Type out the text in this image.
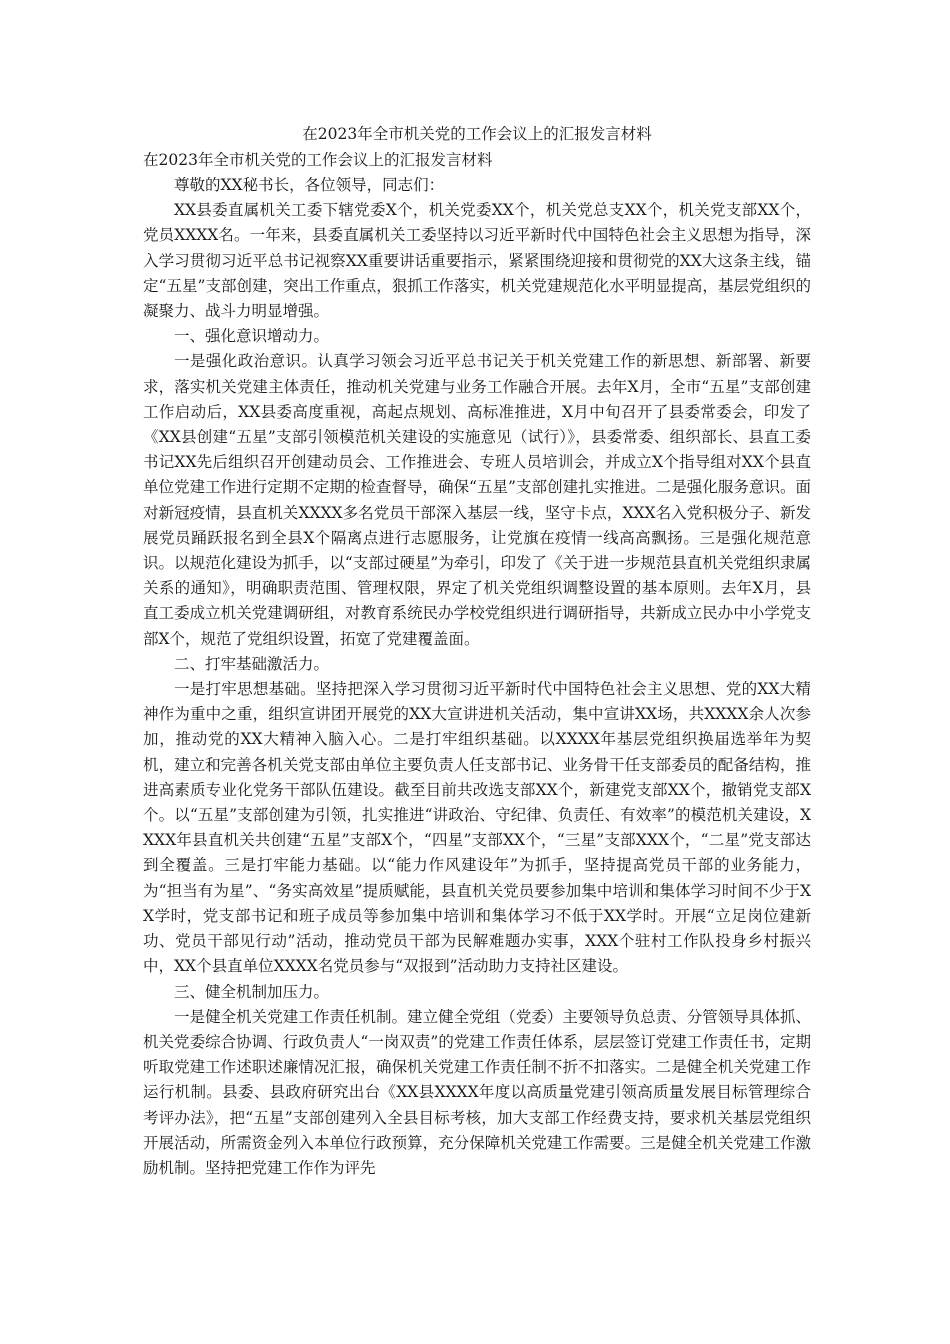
在2023年全市机关党的工作会议上的汇报发言材料
在2023年全市机关党的工作会议上的汇报发言材料

尊敬的XX秘书长，各位领导，同志们：

XX县委直属机关工委下辖党委X个，机关党委XX个，机关党总支XX个，机关党支部XX个，党员XXXX名。一年来，县委直属机关工委坚持以习近平新时代中国特色社会主义思想为指导，深入学习贯彻习近平总书记视察XX重要讲话重要指示，紧紧围绕迎接和贯彻党的XX大这条主线，锚定“五星”支部创建，突出工作重点，狠抓工作落实，机关党建规范化水平明显提高，基层党组织的凝聚力、战斗力明显增强。

一、强化意识增动力。

一是强化政治意识。认真学习领会习近平总书记关于机关党建工作的新思想、新部署、新要求，落实机关党建主体责任，推动机关党建与业务工作融合开展。去年X月，全市“五星”支部创建工作启动后，XX县委高度重视，高起点规划、高标准推进，X月中旬召开了县委常委会，印发了《XX县创建“五星”支部引领模范机关建设的实施意见（试行）》，县委常委、组织部长、县直工委书记XX先后组织召开创建动员会、工作推进会、专班人员培训会，并成立X个指导组对XX个县直单位党建工作进行定期不定期的检查督导，确保“五星”支部创建扎实推进。二是强化服务意识。面对新冠疫情，县直机关XXXX多名党员干部深入基层一线，坚守卡点，XXX名入党积极分子、新发展党员踊跃报名到全县X个隔离点进行志愿服务，让党旗在疫情一线高高飘扬。三是强化规范意识。以规范化建设为抓手，以“支部过硬星”为牵引，印发了《关于进一步规范县直机关党组织隶属关系的通知》，明确职责范围、管理权限，界定了机关党组织调整设置的基本原则。去年X月，县直工委成立机关党建调研组，对教育系统民办学校党组织进行调研指导，共新成立民办中小学党支部X个，规范了党组织设置，拓宽了党建覆盖面。

二、打牢基础激活力。

一是打牢思想基础。坚持把深入学习贯彻习近平新时代中国特色社会主义思想、党的XX大精神作为重中之重，组织宣讲团开展党的XX大宣讲进机关活动，集中宣讲XX场，共XXXX余人次参加，推动党的XX大精神入脑入心。二是打牢组织基础。以XXXX年基层党组织换届选举年为契机，建立和完善各机关党支部由单位主要负责人任支部书记、业务骨干任支部委员的配备结构，推进高素质专业化党务干部队伍建设。截至目前共改选支部XX个，新建党支部XX个，撤销党支部X个。以“五星”支部创建为引领，扎实推进“讲政治、守纪律、负责任、有效率”的模范机关建设，XXXX年县直机关共创建“五星”支部X个，“四星”支部XX个，“三星”支部XXX个，“二星”党支部达到全覆盖。三是打牢能力基础。以“能力作风建设年”为抓手，坚持提高党员干部的业务能力，为“担当有为星”、“务实高效星”提质赋能，县直机关党员要参加集中培训和集体学习时间不少于XX学时，党支部书记和班子成员等参加集中培训和集体学习不低于XX学时。开展“立足岗位建新功、党员干部见行动”活动，推动党员干部为民解难题办实事，XXX个驻村工作队投身乡村振兴中，XX个县直单位XXXX名党员参与“双报到”活动助力支持社区建设。

三、健全机制加压力。

一是健全机关党建工作责任机制。建立健全党组（党委）主要领导负总责、分管领导具体抓、机关党委综合协调、行政负责人“一岗双责”的党建工作责任体系，层层签订党建工作责任书，定期听取党建工作述职述廉情况汇报，确保机关党建工作责任制不折不扣落实。二是健全机关党建工作运行机制。县委、县政府研究出台《XX县XXXX年度以高质量党建引领高质量发展目标管理综合考评办法》，把“五星”支部创建列入全县目标考核，加大支部工作经费支持，要求机关基层党组织开展活动，所需资金列入本单位行政预算，充分保障机关党建工作需要。三是健全机关党建工作激励机制。坚持把党建工作作为评先
